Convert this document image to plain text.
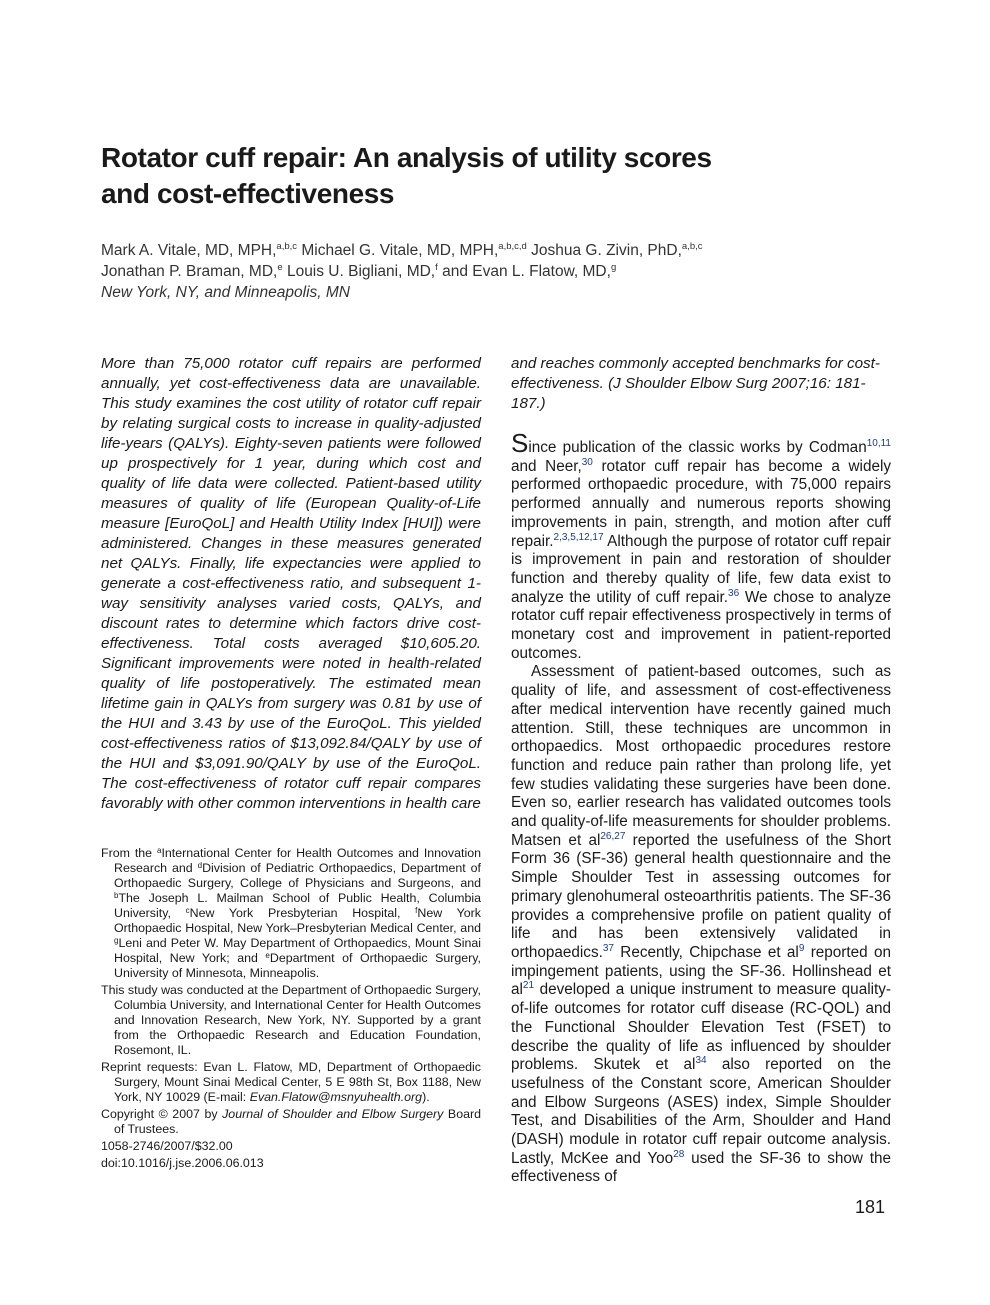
Rotator cuff repair: An analysis of utility scores
and cost-effectiveness
Mark A. Vitale, MD, MPH,$^{a,b,c}$ Michael G. Vitale, MD, MPH,$^{a,b,c,d}$ Joshua G. Zivin, PhD,$^{a,b,c}$
Jonathan P. Braman, MD,$^e$ Louis U. Bigliani, MD,$^f$ and Evan L. Flatow, MD,$^g$
New York, NY, and Minneapolis, MN

More than 75,000 rotator cuff repairs are performed annually, yet cost-effectiveness data are unavailable. This study examines the cost utility of rotator cuff repair by relating surgical costs to increase in quality-adjusted life-years (QALYs). Eighty-seven patients were followed up prospectively for 1 year, during which cost and quality of life data were collected. Patient-based utility measures of quality of life (European Quality-of-Life measure [EuroQoL] and Health Utility Index [HUI]) were administered. Changes in these measures generated net QALYs. Finally, life expectancies were applied to generate a cost-effectiveness ratio, and subsequent 1-way sensitivity analyses varied costs, QALYs, and discount rates to determine which factors drive cost-effectiveness. Total costs averaged $10,605.20. Significant improvements were noted in health-related quality of life postoperatively. The estimated mean lifetime gain in QALYs from surgery was 0.81 by use of the HUI and 3.43 by use of the EuroQoL. This yielded cost-effectiveness ratios of $13,092.84/QALY by use of the HUI and $3,091.90/QALY by use of the EuroQoL. The cost-effectiveness of rotator cuff repair compares favorably with other common interventions in health care

and reaches commonly accepted benchmarks for cost-effectiveness. (J Shoulder Elbow Surg 2007;16: 181-187.)

From the $^a$International Center for Health Outcomes and Innovation Research and $^d$Division of Pediatric Orthopaedics, Department of Orthopaedic Surgery, College of Physicians and Surgeons, and $^b$The Joseph L. Mailman School of Public Health, Columbia University, $^c$New York Presbyterian Hospital, $^f$New York Orthopaedic Hospital, New York–Presbyterian Medical Center, and $^g$Leni and Peter W. May Department of Orthopaedics, Mount Sinai Hospital, New York; and $^e$Department of Orthopaedic Surgery, University of Minnesota, Minneapolis.

This study was conducted at the Department of Orthopaedic Surgery, Columbia University, and International Center for Health Outcomes and Innovation Research, New York, NY. Supported by a grant from the Orthopaedic Research and Education Foundation, Rosemont, IL.

Reprint requests: Evan L. Flatow, MD, Department of Orthopaedic Surgery, Mount Sinai Medical Center, 5 E 98th St, Box 1188, New York, NY 10029 (E-mail: Evan.Flatow@msnyuhealth.org).

Copyright © 2007 by Journal of Shoulder and Elbow Surgery Board of Trustees.

1058-2746/2007/$32.00

doi:10.1016/j.jse.2006.06.013

Since publication of the classic works by Codman$^{10,11}$ and Neer,$^{30}$ rotator cuff repair has become a widely performed orthopaedic procedure, with 75,000 repairs performed annually and numerous reports showing improvements in pain, strength, and motion after cuff repair.$^{2,3,5,12,17}$ Although the purpose of rotator cuff repair is improvement in pain and restoration of shoulder function and thereby quality of life, few data exist to analyze the utility of cuff repair.$^{36}$ We chose to analyze rotator cuff repair effectiveness prospectively in terms of monetary cost and improvement in patient-reported outcomes.

Assessment of patient-based outcomes, such as quality of life, and assessment of cost-effectiveness after medical intervention have recently gained much attention. Still, these techniques are uncommon in orthopaedics. Most orthopaedic procedures restore function and reduce pain rather than prolong life, yet few studies validating these surgeries have been done. Even so, earlier research has validated outcomes tools and quality-of-life measurements for shoulder problems. Matsen et al$^{26,27}$ reported the usefulness of the Short Form 36 (SF-36) general health questionnaire and the Simple Shoulder Test in assessing outcomes for primary glenohumeral osteoarthritis patients. The SF-36 provides a comprehensive profile on patient quality of life and has been extensively validated in orthopaedics.$^{37}$ Recently, Chipchase et $al^9$ reported on impingement patients, using the SF-36. Hollinshead et $al^{21}$ developed a unique instrument to measure quality-of-life outcomes for rotator cuff disease (RC-QOL) and the Functional Shoulder Elevation Test (FSET) to describe the quality of life as influenced by shoulder problems. Skutek et $al^{34}$ also reported on the usefulness of the Constant score, American Shoulder and Elbow Surgeons (ASES) index, Simple Shoulder Test, and Disabilities of the Arm, Shoulder and Hand (DASH) module in rotator cuff repair outcome analysis. Lastly, McKee and Yoo$^{28}$ used the SF-36 to show the effectiveness of

181
